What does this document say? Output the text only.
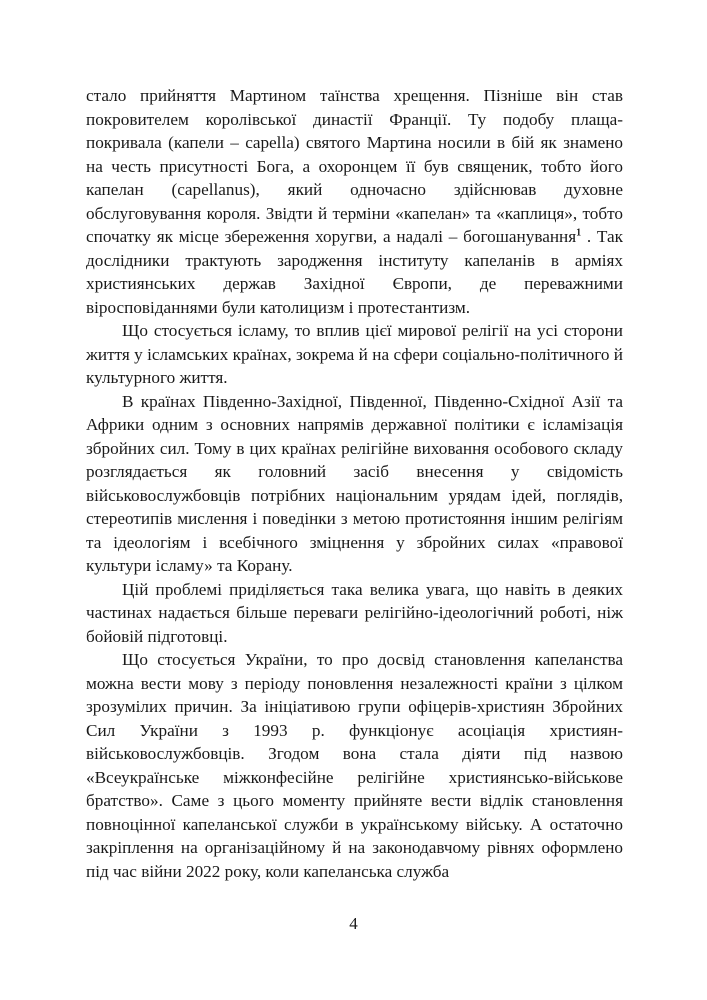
стало прийняття Мартином таїнства хрещення. Пізніше він став покровителем королівської династії Франції. Ту подобу плаща-покривала (капели – capella) святого Мартина носили в бій як знамено на честь присутності Бога, а охоронцем її був священик, тобто його капелан (capellanus), який одночасно здійснював духовне обслуговування короля. Звідти й терміни «капелан» та «каплиця», тобто спочатку як місце збереження хоругви, а надалі – богошанування$^1$ . Так дослідники трактують зародження інституту капеланів в арміях християнських держав Західної Європи, де переважними віросповіданнями були католицизм і протестантизм.

Що стосується ісламу, то вплив цієї мирової релігії на усі сторони життя у ісламських країнах, зокрема й на сфери соціально-політичного й культурного життя.

В країнах Південно-Західної, Південної, Південно-Східної Азії та Африки одним з основних напрямів державної політики є ісламізація збройних сил. Тому в цих країнах релігійне виховання особового складу розглядається як головний засіб внесення у свідомість військовослужбовців потрібних національним урядам ідей, поглядів, стереотипів мислення і поведінки з метою протистояння іншим релігіям та ідеологіям і всебічного зміцнення у збройних силах «правової культури ісламу» та Корану.

Цій проблемі приділяється така велика увага, що навіть в деяких частинах надається більше переваги релігійно-ідеологічний роботі, ніж бойовій підготовці.

Що стосується України, то про досвід становлення капеланства можна вести мову з періоду поновлення незалежності країни з цілком зрозумілих причин. За ініціативою групи офіцерів-християн Збройних Сил України з 1993 р. функціонує асоціація християн-військовослужбовців. Згодом вона стала діяти під назвою «Всеукраїнське міжконфесійне релігійне християнсько-військове братство». Саме з цього моменту прийняте вести відлік становлення повноцінної капеланської служби в українському війську. А остаточно закріплення на організаційному й на законодавчому рівнях оформлено під час війни 2022 року, коли капеланська служба

4
